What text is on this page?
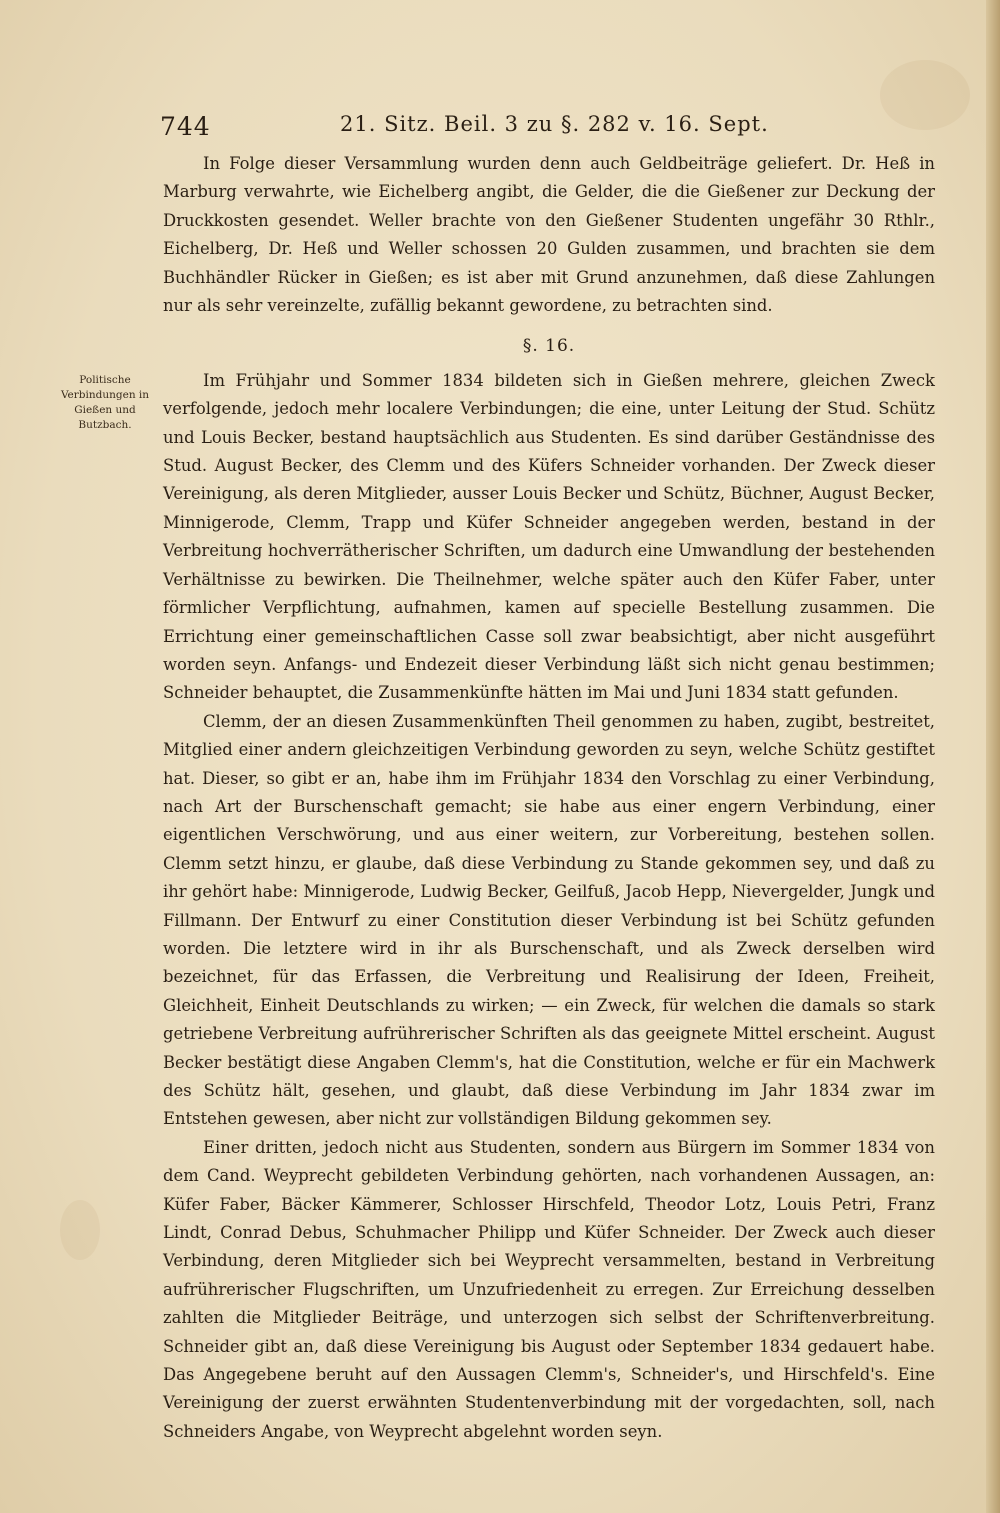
744	21. Sitz. Beil. 3 zu §. 282 v. 16. Sept.
Politische Verbindungen in Gießen und Butzbach.

In Folge dieser Versammlung wurden denn auch Geldbeiträge geliefert. Dr. Heß in Marburg verwahrte, wie Eichelberg angibt, die Gelder, die die Gießener zur Deckung der Druckkosten gesendet. Weller brachte von den Gießener Studenten ungefähr 30 Rthlr., Eichelberg, Dr. Heß und Weller schossen 20 Gulden zusammen, und brachten sie dem Buchhändler Rücker in Gießen; es ist aber mit Grund anzunehmen, daß diese Zahlungen nur als sehr vereinzelte, zufällig bekannt gewordene, zu betrachten sind.

§. 16.

Im Frühjahr und Sommer 1834 bildeten sich in Gießen mehrere, gleichen Zweck verfolgende, jedoch mehr localere Verbindungen; die eine, unter Leitung der Stud. Schütz und Louis Becker, bestand hauptsächlich aus Studenten. Es sind darüber Geständnisse des Stud. August Becker, des Clemm und des Küfers Schneider vorhanden. Der Zweck dieser Vereinigung, als deren Mitglieder, ausser Louis Becker und Schütz, Büchner, August Becker, Minnigerode, Clemm, Trapp und Küfer Schneider angegeben werden, bestand in der Verbreitung hochverrätherischer Schriften, um dadurch eine Umwandlung der bestehenden Verhältnisse zu bewirken. Die Theilnehmer, welche später auch den Küfer Faber, unter förmlicher Verpflichtung, aufnahmen, kamen auf specielle Bestellung zusammen. Die Errichtung einer gemeinschaftlichen Casse soll zwar beabsichtigt, aber nicht ausgeführt worden seyn. Anfangs- und Endezeit dieser Verbindung läßt sich nicht genau bestimmen; Schneider behauptet, die Zusammenkünfte hätten im Mai und Juni 1834 statt gefunden.

Clemm, der an diesen Zusammenkünften Theil genommen zu haben, zugibt, bestreitet, Mitglied einer andern gleichzeitigen Verbindung geworden zu seyn, welche Schütz gestiftet hat. Dieser, so gibt er an, habe ihm im Frühjahr 1834 den Vorschlag zu einer Verbindung, nach Art der Burschenschaft gemacht; sie habe aus einer engern Verbindung, einer eigentlichen Verschwörung, und aus einer weitern, zur Vorbereitung, bestehen sollen. Clemm setzt hinzu, er glaube, daß diese Verbindung zu Stande gekommen sey, und daß zu ihr gehört habe: Minnigerode, Ludwig Becker, Geilfuß, Jacob Hepp, Nievergelder, Jungk und Fillmann. Der Entwurf zu einer Constitution dieser Verbindung ist bei Schütz gefunden worden. Die letztere wird in ihr als Burschenschaft, und als Zweck derselben wird bezeichnet, für das Erfassen, die Verbreitung und Realisirung der Ideen, Freiheit, Gleichheit, Einheit Deutschlands zu wirken; — ein Zweck, für welchen die damals so stark getriebene Verbreitung aufrührerischer Schriften als das geeignete Mittel erscheint. August Becker bestätigt diese Angaben Clemm's, hat die Constitution, welche er für ein Machwerk des Schütz hält, gesehen, und glaubt, daß diese Verbindung im Jahr 1834 zwar im Entstehen gewesen, aber nicht zur vollständigen Bildung gekommen sey.

Einer dritten, jedoch nicht aus Studenten, sondern aus Bürgern im Sommer 1834 von dem Cand. Weyprecht gebildeten Verbindung gehörten, nach vorhandenen Aussagen, an: Küfer Faber, Bäcker Kämmerer, Schlosser Hirschfeld, Theodor Lotz, Louis Petri, Franz Lindt, Conrad Debus, Schuhmacher Philipp und Küfer Schneider. Der Zweck auch dieser Verbindung, deren Mitglieder sich bei Weyprecht versammelten, bestand in Verbreitung aufrührerischer Flugschriften, um Unzufriedenheit zu erregen. Zur Erreichung desselben zahlten die Mitglieder Beiträge, und unterzogen sich selbst der Schriftenverbreitung. Schneider gibt an, daß diese Vereinigung bis August oder September 1834 gedauert habe. Das Angegebene beruht auf den Aussagen Clemm's, Schneider's, und Hirschfeld's. Eine Vereinigung der zuerst erwähnten Studentenverbindung mit der vorgedachten, soll, nach Schneiders Angabe, von Weyprecht abgelehnt worden seyn.
